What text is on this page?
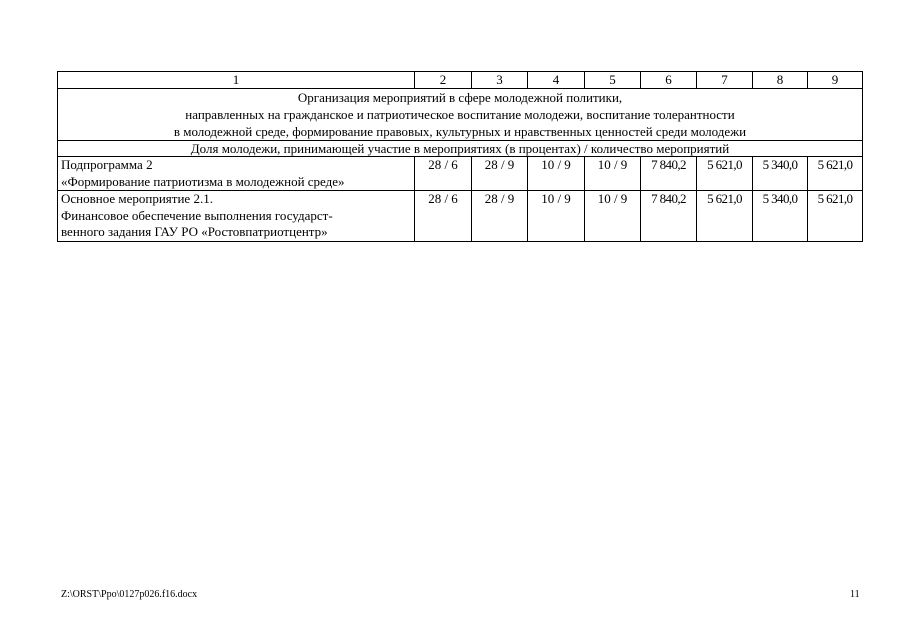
1	2	3	4	5	6	7	8	9

Организация мероприятий в сфере молодежной политики,
направленных на гражданское и патриотическое воспитание молодежи, воспитание толерантности
в молодежной среде, формирование правовых, культурных и нравственных ценностей среди молодежи								

Доля молодежи, принимающей участие в мероприятиях (в процентах) / количество мероприятий								

Подпрограмма 2
«Формирование патриотизма в молодежной среде»	28 / 6	28 / 9	10 / 9	10 / 9	7 840,2	5 621,0	5 340,0	5 621,0

Основное мероприятие 2.1.
Финансовое обеспечение выполнения государст-
венного задания ГАУ РО «Ростовпатриотцентр»	28 / 6	28 / 9	10 / 9	10 / 9	7 840,2	5 621,0	5 340,0	5 621,0
Z:\ORST\Ppo\0127p026.f16.docx	11
